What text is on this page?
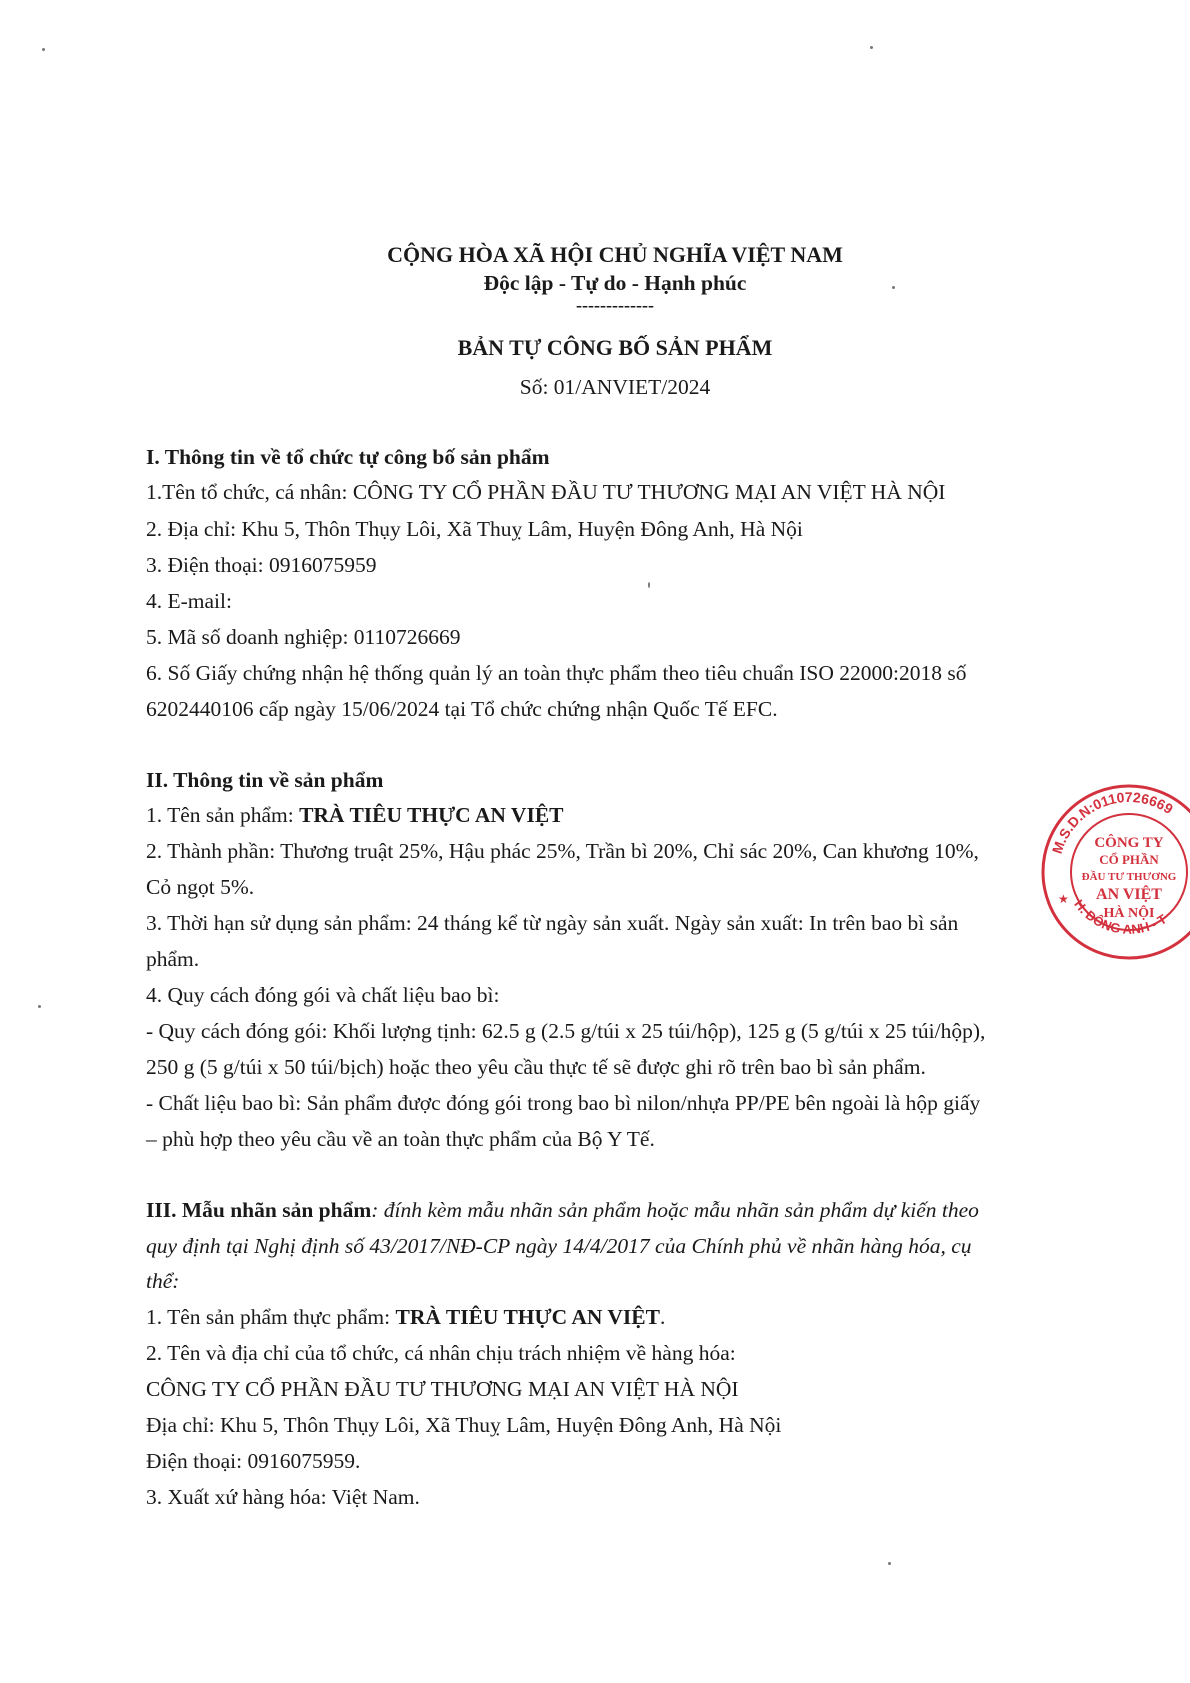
CỘNG HÒA XÃ HỘI CHỦ NGHĨA VIỆT NAM
Độc lập - Tự do - Hạnh phúc
-------------
BẢN TỰ CÔNG BỐ SẢN PHẨM
Số: 01/ANVIET/2024
I. Thông tin về tổ chức tự công bố sản phẩm
1.Tên tổ chức, cá nhân: CÔNG TY CỔ PHẦN ĐẦU TƯ THƯƠNG MẠI AN VIỆT HÀ NỘI
2. Địa chỉ: Khu 5, Thôn Thụy Lôi, Xã Thuỵ Lâm, Huyện Đông Anh, Hà Nội
3. Điện thoại: 0916075959
4. E-mail:
5. Mã số doanh nghiệp: 0110726669
6. Số Giấy chứng nhận hệ thống quản lý an toàn thực phẩm theo tiêu chuẩn ISO 22000:2018 số
6202440106 cấp ngày 15/06/2024 tại Tổ chức chứng nhận Quốc Tế EFC.
II. Thông tin về sản phẩm
1. Tên sản phẩm: TRÀ TIÊU THỰC AN VIỆT
2. Thành phần: Thương truật 25%, Hậu phác 25%, Trần bì 20%, Chỉ sác 20%, Can khương 10%,
Cỏ ngọt 5%.
3. Thời hạn sử dụng sản phẩm: 24 tháng kể từ ngày sản xuất. Ngày sản xuất: In trên bao bì sản
phẩm.
4. Quy cách đóng gói và chất liệu bao bì:
- Quy cách đóng gói: Khối lượng tịnh: 62.5 g (2.5 g/túi x 25 túi/hộp), 125 g (5 g/túi x 25 túi/hộp),
250 g (5 g/túi x 50 túi/bịch) hoặc theo yêu cầu thực tế sẽ được ghi rõ trên bao bì sản phẩm.
- Chất liệu bao bì: Sản phẩm được đóng gói trong bao bì nilon/nhựa PP/PE bên ngoài là hộp giấy
– phù hợp theo yêu cầu về an toàn thực phẩm của Bộ Y Tế.
III. Mẫu nhãn sản phẩm: đính kèm mẫu nhãn sản phẩm hoặc mẫu nhãn sản phẩm dự kiến theo
quy định tại Nghị định số 43/2017/NĐ-CP ngày 14/4/2017 của Chính phủ về nhãn hàng hóa, cụ
thể:
1. Tên sản phẩm thực phẩm: TRÀ TIÊU THỰC AN VIỆT.
2. Tên và địa chỉ của tổ chức, cá nhân chịu trách nhiệm về hàng hóa:
CÔNG TY CỔ PHẦN ĐẦU TƯ THƯƠNG MẠI AN VIỆT HÀ NỘI
Địa chỉ: Khu 5, Thôn Thụy Lôi, Xã Thuỵ Lâm, Huyện Đông Anh, Hà Nội
Điện thoại: 0916075959.
3. Xuất xứ hàng hóa: Việt Nam.
M.S.D.N:0110726669
H. ĐÔNG ANH - T
CÔNG TY
CỔ PHẦN
ĐẦU TƯ THƯƠNG
AN VIỆT
HÀ NỘI
★
